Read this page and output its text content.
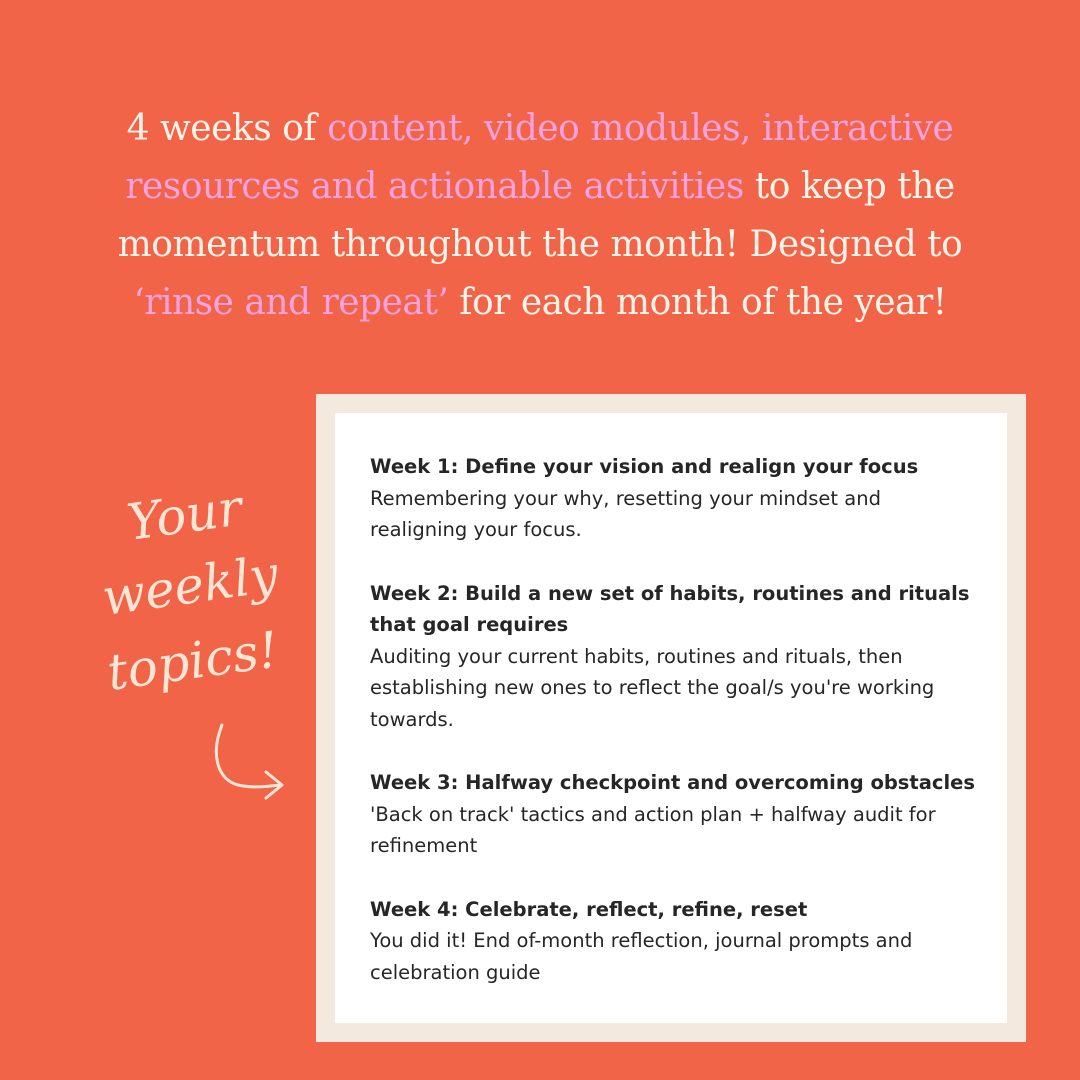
4 weeks of content, video modules, interactive resources and actionable activities to keep the momentum throughout the month! Designed to ‘rinse and repeat’ for each month of the year!

Your
weekly
topics!
Week 1: Define your vision and realign your focus
Remembering your why, resetting your mindset and realigning your focus.
Week 2: Build a new set of habits, routines and rituals that goal requires
Auditing your current habits, routines and rituals, then establishing new ones to reflect the goal/s you're working towards.
Week 3: Halfway checkpoint and overcoming obstacles
'Back on track' tactics and action plan + halfway audit for refinement
Week 4: Celebrate, reflect, refine, reset
You did it! End of-month reflection, journal prompts and celebration guide
